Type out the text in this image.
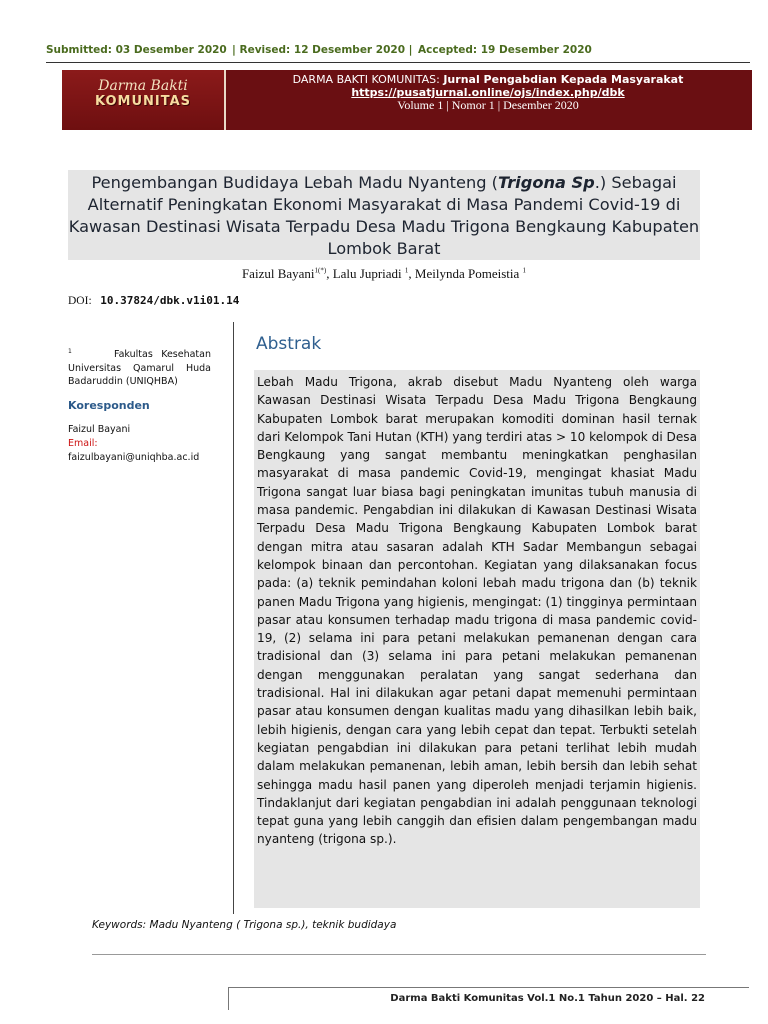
Submitted: 03 Desember 2020 | Revised: 12 Desember 2020 | Accepted: 19 Desember 2020
Darma Bakti
KOMUNITAS
DARMA BAKTI KOMUNITAS: Jurnal Pengabdian Kepada Masyarakat
https://pusatjurnal.online/ojs/index.php/dbk
Volume 1 | Nomor 1 | Desember 2020
Pengembangan Budidaya Lebah Madu Nyanteng (Trigona Sp.) Sebagai Alternatif Peningkatan Ekonomi Masyarakat di Masa Pandemi Covid-19 di Kawasan Destinasi Wisata Terpadu Desa Madu Trigona Bengkaung Kabupaten Lombok Barat
Faizul Bayani$^{1(*)}$, Lalu Jupriadi $^1$, Meilynda Pomeistia $^1$
DOI: 10.37824/dbk.v1i01.14
$^1$	Fakultas Kesehatan Universitas Qamarul Huda Badaruddin (UNIQHBA)
Koresponden
Faizul Bayani
Email:
faizulbayani@uniqhba.ac.id
Abstrak
Lebah Madu Trigona, akrab disebut Madu Nyanteng oleh warga Kawasan Destinasi Wisata Terpadu Desa Madu Trigona Bengkaung Kabupaten Lombok barat merupakan komoditi dominan hasil ternak dari Kelompok Tani Hutan (KTH) yang terdiri atas > 10 kelompok di Desa Bengkaung yang sangat membantu meningkatkan penghasilan masyarakat di masa pandemic Covid-19, mengingat khasiat Madu Trigona sangat luar biasa bagi peningkatan imunitas tubuh manusia di masa pandemic. Pengabdian ini dilakukan di Kawasan Destinasi Wisata Terpadu Desa Madu Trigona Bengkaung Kabupaten Lombok barat dengan mitra atau sasaran adalah KTH Sadar Membangun sebagai kelompok binaan dan percontohan. Kegiatan yang dilaksanakan focus pada: (a) teknik pemindahan koloni lebah madu trigona dan (b) teknik panen Madu Trigona yang higienis, mengingat: (1) tingginya permintaan pasar atau konsumen terhadap madu trigona di masa pandemic covid-19, (2) selama ini para petani melakukan pemanenan dengan cara tradisional dan (3) selama ini para petani melakukan pemanenan dengan menggunakan peralatan yang sangat sederhana dan tradisional. Hal ini dilakukan agar petani dapat memenuhi permintaan pasar atau konsumen dengan kualitas madu yang dihasilkan lebih baik, lebih higienis, dengan cara yang lebih cepat dan tepat. Terbukti setelah kegiatan pengabdian ini dilakukan para petani terlihat lebih mudah dalam melakukan pemanenan, lebih aman, lebih bersih dan lebih sehat sehingga madu hasil panen yang diperoleh menjadi terjamin higienis. Tindaklanjut dari kegiatan pengabdian ini adalah penggunaan teknologi tepat guna yang lebih canggih dan efisien dalam pengembangan madu nyanteng (trigona sp.).
Keywords: Madu Nyanteng ( Trigona sp.), teknik budidaya
Darma Bakti Komunitas Vol.1 No.1 Tahun 2020 – Hal. 22
